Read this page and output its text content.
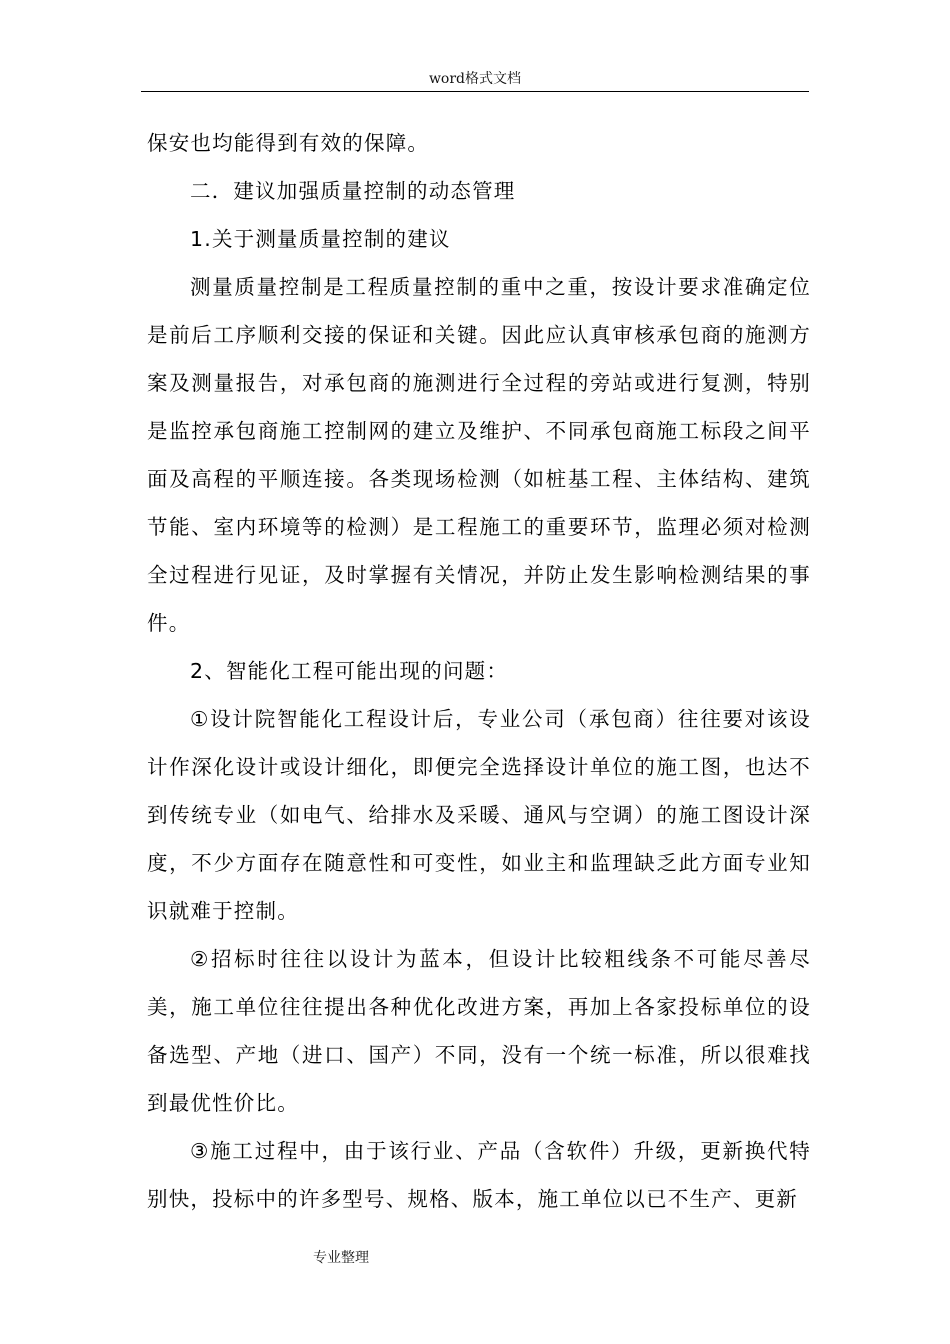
word格式文档

保安也均能得到有效的保障。

二．建议加强质量控制的动态管理

1.关于测量质量控制的建议

测量质量控制是工程质量控制的重中之重，按设计要求准确定位是前后工序顺利交接的保证和关键。因此应认真审核承包商的施测方案及测量报告，对承包商的施测进行全过程的旁站或进行复测，特别是监控承包商施工控制网的建立及维护、不同承包商施工标段之间平面及高程的平顺连接。各类现场检测（如桩基工程、主体结构、建筑节能、室内环境等的检测）是工程施工的重要环节，监理必须对检测全过程进行见证，及时掌握有关情况，并防止发生影响检测结果的事件。

2、智能化工程可能出现的问题：

①设计院智能化工程设计后，专业公司（承包商）往往要对该设计作深化设计或设计细化，即便完全选择设计单位的施工图，也达不到传统专业（如电气、给排水及采暖、通风与空调）的施工图设计深度，不少方面存在随意性和可变性，如业主和监理缺乏此方面专业知识就难于控制。

②招标时往往以设计为蓝本，但设计比较粗线条不可能尽善尽美，施工单位往往提出各种优化改进方案，再加上各家投标单位的设备选型、产地（进口、国产）不同，没有一个统一标准，所以很难找到最优性价比。

③施工过程中，由于该行业、产品（含软件）升级，更新换代特别快，投标中的许多型号、规格、版本，施工单位以已不生产、更新

专业整理
